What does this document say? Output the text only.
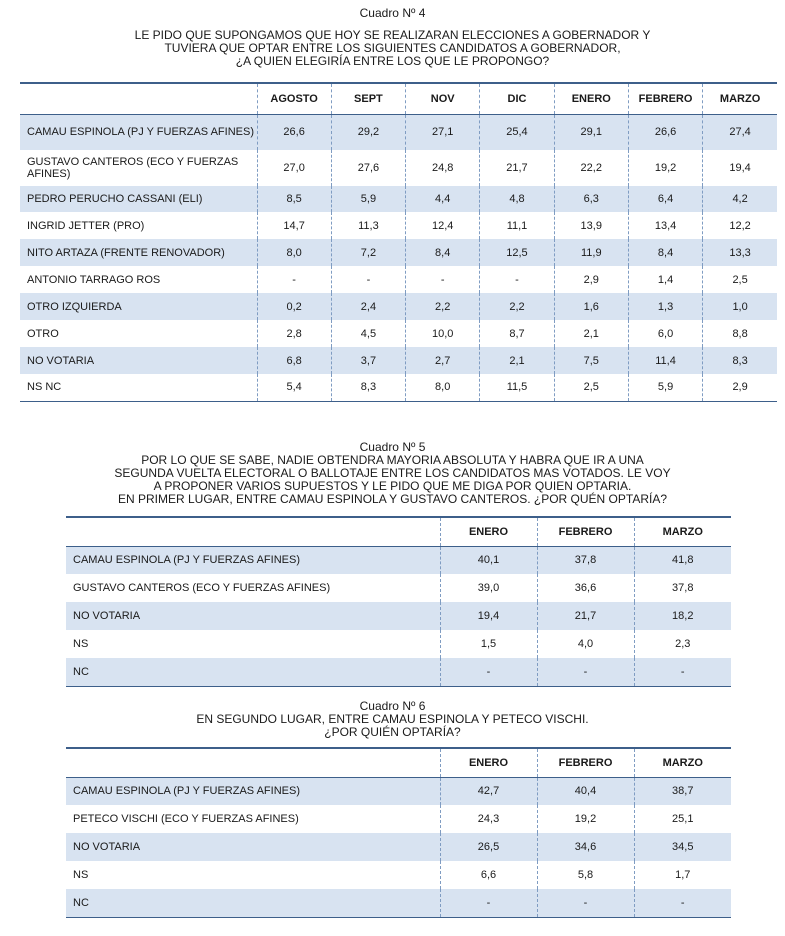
Cuadro Nº 4
LE PIDO QUE SUPONGAMOS QUE HOY SE REALIZARAN ELECCIONES A GOBERNADOR Y
TUVIERA QUE OPTAR ENTRE LOS SIGUIENTES CANDIDATOS A GOBERNADOR,
¿A QUIEN ELEGIRÍA ENTRE LOS QUE LE PROPONGO?
	AGOSTO	SEPT	NOV	DIC	ENERO	FEBRERO	MARZO
CAMAU ESPINOLA (PJ Y FUERZAS AFINES)	26,6	29,2	27,1	25,4	29,1	26,6	27,4
GUSTAVO CANTEROS (ECO Y FUERZAS AFINES)	27,0	27,6	24,8	21,7	22,2	19,2	19,4
PEDRO PERUCHO CASSANI (ELI)	8,5	5,9	4,4	4,8	6,3	6,4	4,2
INGRID JETTER (PRO)	14,7	11,3	12,4	11,1	13,9	13,4	12,2
NITO ARTAZA (FRENTE RENOVADOR)	8,0	7,2	8,4	12,5	11,9	8,4	13,3
ANTONIO TARRAGO ROS	-	-	-	-	2,9	1,4	2,5
OTRO IZQUIERDA	0,2	2,4	2,2	2,2	1,6	1,3	1,0
OTRO	2,8	4,5	10,0	8,7	2,1	6,0	8,8
NO VOTARIA	6,8	3,7	2,7	2,1	7,5	11,4	8,3
NS NC	5,4	8,3	8,0	11,5	2,5	5,9	2,9
Cuadro Nº 5
POR LO QUE SE SABE, NADIE OBTENDRA MAYORIA ABSOLUTA Y HABRA QUE IR A UNA
SEGUNDA VUELTA ELECTORAL O BALLOTAJE ENTRE LOS CANDIDATOS MAS VOTADOS. LE VOY
A PROPONER VARIOS SUPUESTOS Y LE PIDO QUE ME DIGA POR QUIEN OPTARIA.
EN PRIMER LUGAR, ENTRE CAMAU ESPINOLA Y GUSTAVO CANTEROS. ¿POR QUÉN OPTARÍA?
	ENERO	FEBRERO	MARZO
CAMAU ESPINOLA (PJ Y FUERZAS AFINES)	40,1	37,8	41,8
GUSTAVO CANTEROS (ECO Y FUERZAS AFINES)	39,0	36,6	37,8
NO VOTARIA	19,4	21,7	18,2
NS	1,5	4,0	2,3
NC	-	-	-
Cuadro Nº 6
EN SEGUNDO LUGAR, ENTRE CAMAU ESPINOLA Y PETECO VISCHI.
¿POR QUIÉN OPTARÍA?
	ENERO	FEBRERO	MARZO
CAMAU ESPINOLA (PJ Y FUERZAS AFINES)	42,7	40,4	38,7
PETECO VISCHI (ECO Y FUERZAS AFINES)	24,3	19,2	25,1
NO VOTARIA	26,5	34,6	34,5
NS	6,6	5,8	1,7
NC	-	-	-
